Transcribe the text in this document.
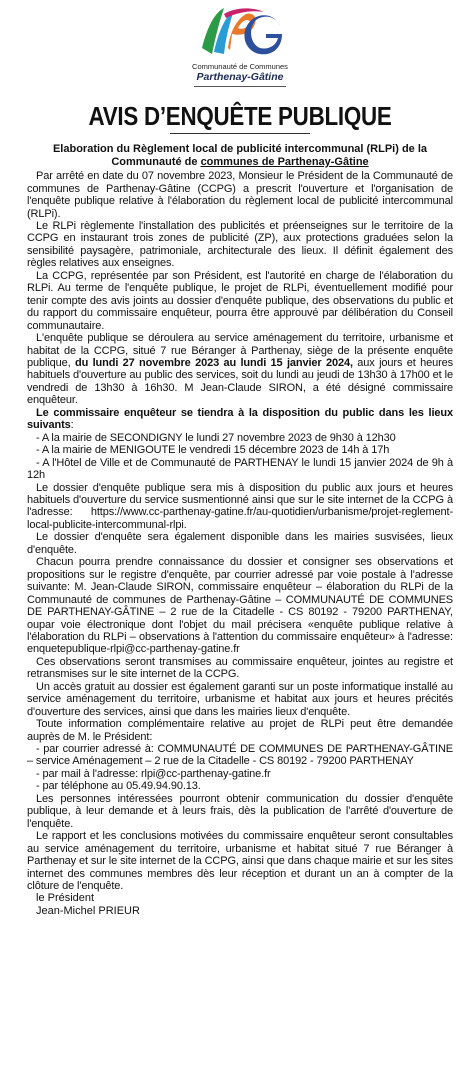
Communauté de Communes
Parthenay-Gâtine
AVIS D’ENQUÊTE PUBLIQUE
Elaboration du Règlement local de publicité intercommunal (RLPi) de la
Communauté de communes de Parthenay-Gâtine

Par arrêté en date du 07 novembre 2023, Monsieur le Président de la Communauté de communes de Parthenay-Gâtine (CCPG) a prescrit l'ouverture et l'organisation de l'enquête publique relative à l'élaboration du règlement local de publicité intercommunal (RLPi).

Le RLPi règlemente l'installation des publicités et préenseignes sur le territoire de la CCPG en instaurant trois zones de publicité (ZP), aux protections graduées selon la sensibilité paysagère, patrimoniale, architecturale des lieux. Il définit également des règles relatives aux enseignes.

La CCPG, représentée par son Président, est l'autorité en charge de l'élaboration du RLPi. Au terme de l'enquête publique, le projet de RLPi, éventuellement modifié pour tenir compte des avis joints au dossier d'enquête publique, des observations du public et du rapport du commissaire enquêteur, pourra être approuvé par délibération du Conseil communautaire.

L'enquête publique se déroulera au service aménagement du territoire, urbanisme et habitat de la CCPG, situé 7 rue Béranger à Parthenay, siège de la présente enquête publique, du lundi 27 novembre 2023 au lundi 15 janvier 2024, aux jours et heures habituels d'ouverture au public des services, soit du lundi au jeudi de 13h30 à 17h00 et le vendredi de 13h30 à 16h30. M Jean-Claude SIRON, a été désigné commissaire enquêteur.

Le commissaire enquêteur se tiendra à la disposition du public dans les lieux suivants:

- A la mairie de SECONDIGNY le lundi 27 novembre 2023 de 9h30 à 12h30

- A la mairie de MENIGOUTE le vendredi 15 décembre 2023 de 14h à 17h

- A l'Hôtel de Ville et de Communauté de PARTHENAY le lundi 15 janvier 2024 de 9h à 12h

Le dossier d'enquête publique sera mis à disposition du public aux jours et heures habituels d'ouverture du service susmentionné ainsi que sur le site internet de la CCPG à l'adresse: https://www.cc-parthenay-gatine.fr/au-quotidien/urbanisme/projet-reglement-local-publicite-intercommunal-rlpi.

Le dossier d'enquête sera également disponible dans les mairies susvisées, lieux d'enquête.

Chacun pourra prendre connaissance du dossier et consigner ses observations et propositions sur le registre d'enquête, par courrier adressé par voie postale à l'adresse suivante: M. Jean-Claude SIRON, commissaire enquêteur – élaboration du RLPi de la Communauté de communes de Parthenay-Gâtine – COMMUNAUTÉ DE COMMUNES DE PARTHENAY-GÂTINE – 2 rue de la Citadelle - CS 80192 - 79200 PARTHENAY, oupar voie électronique dont l'objet du mail précisera «enquête publique relative à l'élaboration du RLPi – observations à l'attention du commissaire enquêteur» à l'adresse: enquetepublique-rlpi@cc-parthenay-gatine.fr

Ces observations seront transmises au commissaire enquêteur, jointes au registre et retransmises sur le site internet de la CCPG.

Un accès gratuit au dossier est également garanti sur un poste informatique installé au service aménagement du territoire, urbanisme et habitat aux jours et heures précités d'ouverture des services, ainsi que dans les mairies lieux d'enquête.

Toute information complémentaire relative au projet de RLPi peut être demandée auprès de M. le Président:

- par courrier adressé à: COMMUNAUTÉ DE COMMUNES DE PARTHENAY-GÂTINE – service Aménagement – 2 rue de la Citadelle - CS 80192 - 79200 PARTHENAY

- par mail à l'adresse: rlpi@cc-parthenay-gatine.fr

- par téléphone au 05.49.94.90.13.

Les personnes intéressées pourront obtenir communication du dossier d'enquête publique, à leur demande et à leurs frais, dès la publication de l'arrêté d'ouverture de l'enquête.

Le rapport et les conclusions motivées du commissaire enquêteur seront consultables au service aménagement du territoire, urbanisme et habitat situé 7 rue Béranger à Parthenay et sur le site internet de la CCPG, ainsi que dans chaque mairie et sur les sites internet des communes membres dès leur réception et durant un an à compter de la clôture de l'enquête.

le Président

Jean-Michel PRIEUR
